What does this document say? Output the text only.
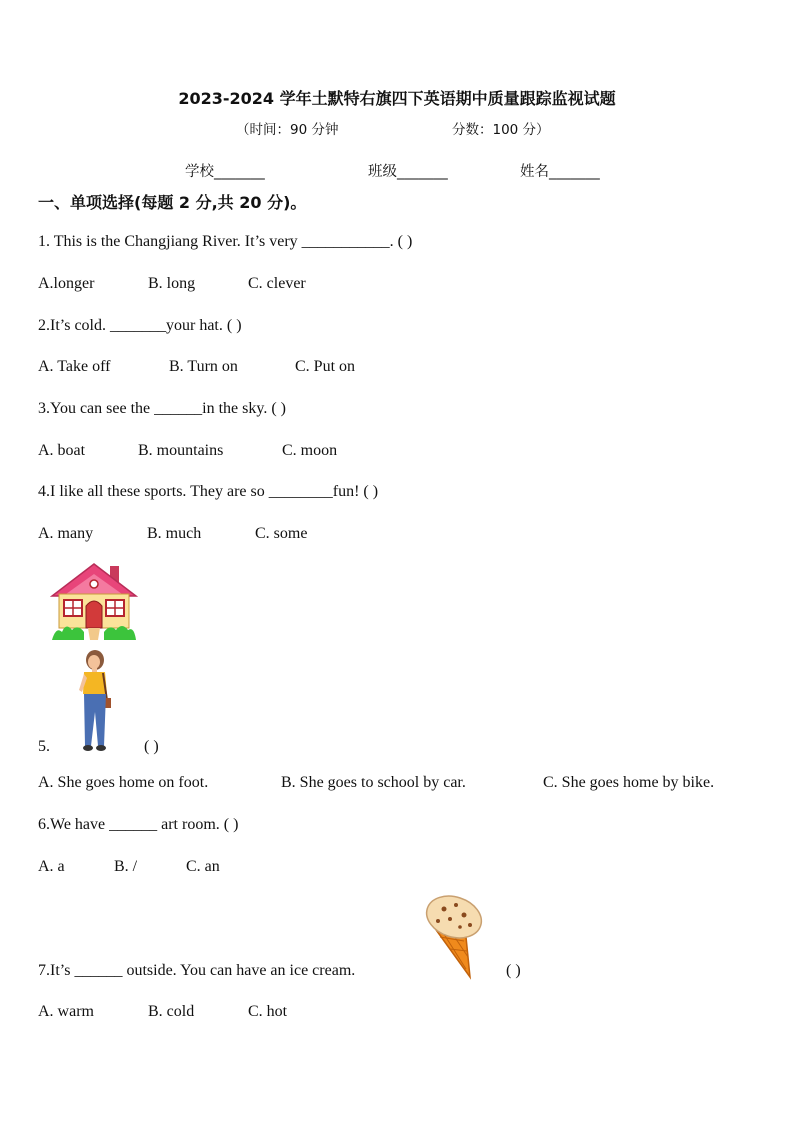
2023-2024 学年土默特右旗四下英语期中质量跟踪监视试题
（时间：90 分钟	分数：100 分）
学校_______	班级_______	姓名_______
一、单项选择(每题 2 分,共 20 分)。
1. This is the Changjiang River. It’s very ___________. ( )
A.longer	B. long	C. clever
2.It’s cold. _______your hat. ( )
A. Take off	B. Turn on	C. Put on
3.You can see the ______in the sky. ( )
A. boat	B. mountains	C. moon
4.I like all these sports. They are so ________fun! ( )
A. many	B. much	C. some
5.	( )
A. She goes home on foot.	B. She goes to school by car.	C. She goes home by bike.
6.We have ______ art room. ( )
A. a	B. /	C. an
7.It’s ______ outside. You can have an ice cream.	( )
A. warm	B. cold	C. hot
